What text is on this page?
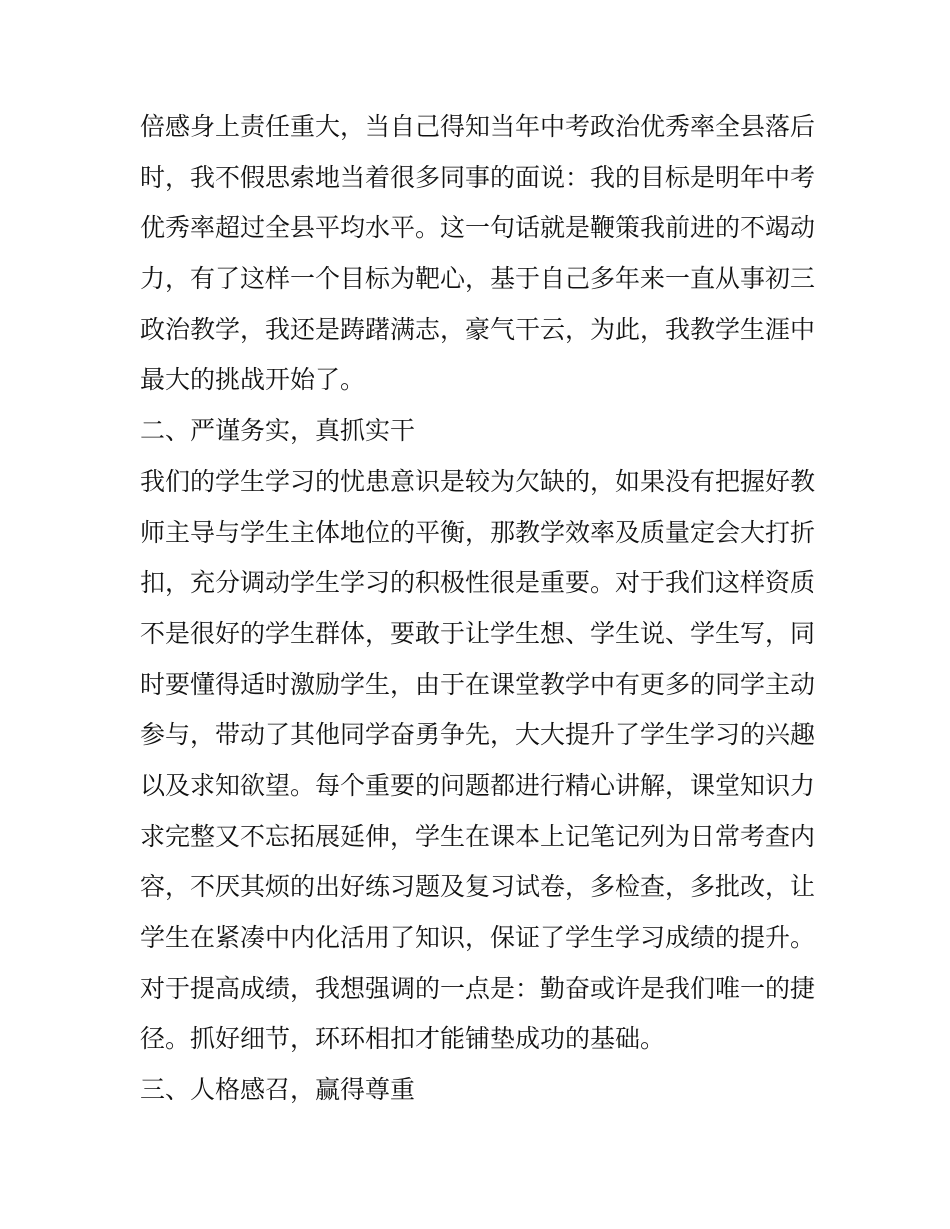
倍感身上责任重大，当自己得知当年中考政治优秀率全县落后
时，我不假思索地当着很多同事的面说：我的目标是明年中考
优秀率超过全县平均水平。这一句话就是鞭策我前进的不竭动
力，有了这样一个目标为靶心，基于自己多年来一直从事初三
政治教学，我还是踌躇满志，豪气干云，为此，我教学生涯中
最大的挑战开始了。
二、严谨务实，真抓实干
我们的学生学习的忧患意识是较为欠缺的，如果没有把握好教
师主导与学生主体地位的平衡，那教学效率及质量定会大打折
扣，充分调动学生学习的积极性很是重要。对于我们这样资质
不是很好的学生群体，要敢于让学生想、学生说、学生写，同
时要懂得适时激励学生，由于在课堂教学中有更多的同学主动
参与，带动了其他同学奋勇争先，大大提升了学生学习的兴趣
以及求知欲望。每个重要的问题都进行精心讲解，课堂知识力
求完整又不忘拓展延伸，学生在课本上记笔记列为日常考查内
容，不厌其烦的出好练习题及复习试卷，多检查，多批改，让
学生在紧凑中内化活用了知识，保证了学生学习成绩的提升。
对于提高成绩，我想强调的一点是：勤奋或许是我们唯一的捷
径。抓好细节，环环相扣才能铺垫成功的基础。
三、人格感召，赢得尊重
